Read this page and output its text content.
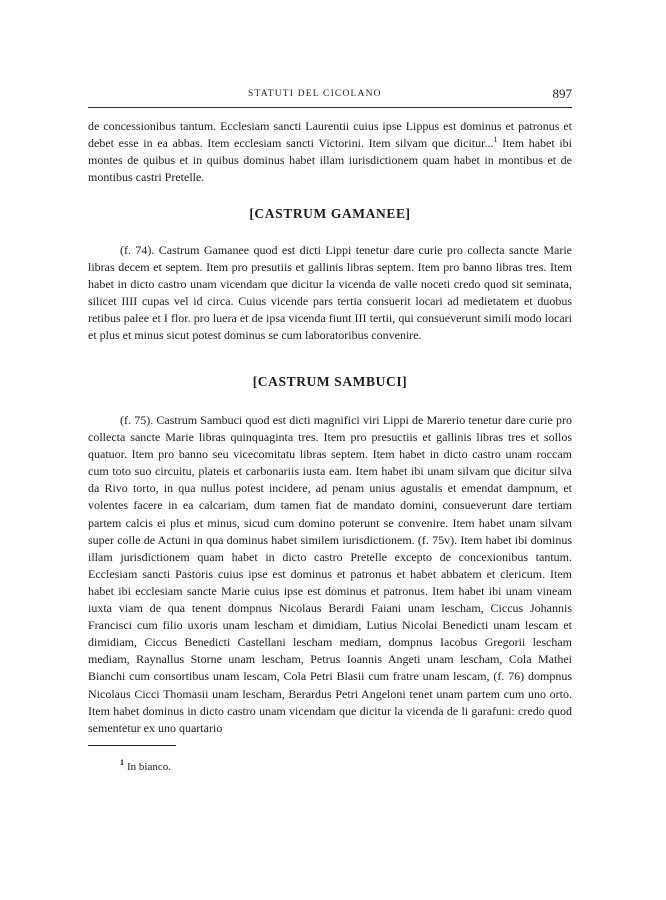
STATUTI DEL CICOLANO	897

de concessionibus tantum. Ecclesiam sancti Laurentii cuius ipse Lippus est dominus et patronus et debet esse in ea abbas. Item ecclesiam sancti Victorini. Item silvam que dicitur...$^1$ Item habet ibi montes de quibus et in quibus dominus habet illam iurisdictionem quam habet in montibus et de montibus castri Pretelle.

[CASTRUM GAMANEE]

(f. 74). Castrum Gamanee quod est dicti Lippi tenetur dare curie pro collecta sancte Marie libras decem et septem. Item pro presutiis et gallinis libras septem. Item pro banno libras tres. Item habet in dicto castro unam vicendam que dicitur la vicenda de valle noceti credo quod sit seminata, silicet IIII cupas vel id circa. Cuius vicende pars tertia consuerit locari ad medietatem et duobus retibus palee et I flor. pro luera et de ipsa vicenda fiunt III tertii, qui consueverunt simili modo locari et plus et minus sicut potest dominus se cum laboratoribus convenire.

[CASTRUM SAMBUCI]

(f. 75). Castrum Sambuci quod est dicti magnifici viri Lippi de Marerio tenetur dare curie pro collecta sancte Marie libras quinquaginta tres. Item pro presuctiis et gallinis libras tres et sollos quatuor. Item pro banno seu vicecomitatu libras septem. Item habet in dicto castro unam roccam cum toto suo circuitu, plateis et carbonariis iusta eam. Item habet ibi unam silvam que dicitur silva da Rivo torto, in qua nullus potest incidere, ad penam unius agustalis et emendat dampnum, et volentes facere in ea calcariam, dum tamen fiat de mandato domini, consueverunt dare tertiam partem calcis ei plus et minus, sicud cum domino poterunt se convenire. Item habet unam silvam super colle de Actuni in qua dominus habet similem iurisdictionem. (f. 75v). Item habet ibi dominus illam jurisdictionem quam habet in dicto castro Pretelle excepto de concexionibus tantum. Ecclesiam sancti Pastoris cuius ipse est dominus et patronus et habet abbatem et clericum. Item habet ibi ecclesiam sancte Marie cuius ipse est dominus et patronus. Item habet ibi unam vineam iuxta viam de qua tenent dompnus Nicolaus Berardi Faiani unam lescham, Ciccus Johannis Francisci cum filio uxoris unam lescham et dimidiam, Lutius Nicolai Benedicti unam lescam et dimidiam, Ciccus Benedicti Castellani lescham mediam, dompnus Iacobus Gregorii lescham mediam, Raynallus Storne unam lescham, Petrus Ioannis Angeti unam lescham, Cola Mathei Bianchi cum consortibus unam lescam, Cola Petri Blasii cum fratre unam lescam, (f. 76) dompnus Nicolaus Cicci Thomasii unam lescham, Berardus Petri Angeloni tenet unam partem cum uno orto. Item habet dominus in dicto castro unam vicendam que dicitur la vicenda de li garafuni: credo quod sementetur ex uno quartario

$^1$ In bianco.
